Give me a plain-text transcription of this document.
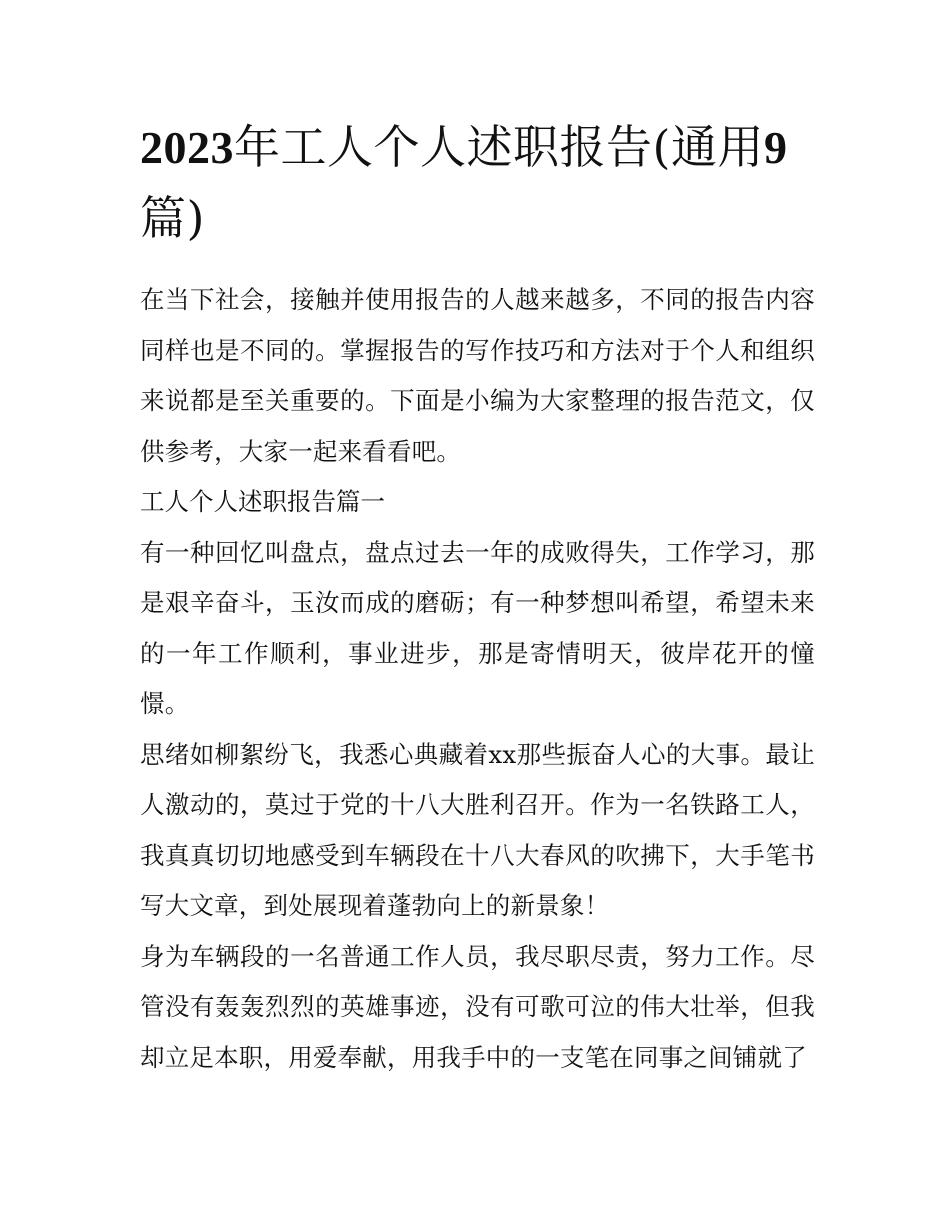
2023年工人个人述职报告(通用9篇)

在当下社会，接触并使用报告的人越来越多，不同的报告内容同样也是不同的。掌握报告的写作技巧和方法对于个人和组织来说都是至关重要的。下面是小编为大家整理的报告范文，仅供参考，大家一起来看看吧。

工人个人述职报告篇一

有一种回忆叫盘点，盘点过去一年的成败得失，工作学习，那是艰辛奋斗，玉汝而成的磨砺；有一种梦想叫希望，希望未来的一年工作顺利，事业进步，那是寄情明天，彼岸花开的憧憬。

思绪如柳絮纷飞，我悉心典藏着xx那些振奋人心的大事。最让人激动的，莫过于党的十八大胜利召开。作为一名铁路工人，我真真切切地感受到车辆段在十八大春风的吹拂下，大手笔书写大文章，到处展现着蓬勃向上的新景象！

身为车辆段的一名普通工作人员，我尽职尽责，努力工作。尽管没有轰轰烈烈的英雄事迹，没有可歌可泣的伟大壮举，但我却立足本职，用爱奉献，用我手中的一支笔在同事之间铺就了
